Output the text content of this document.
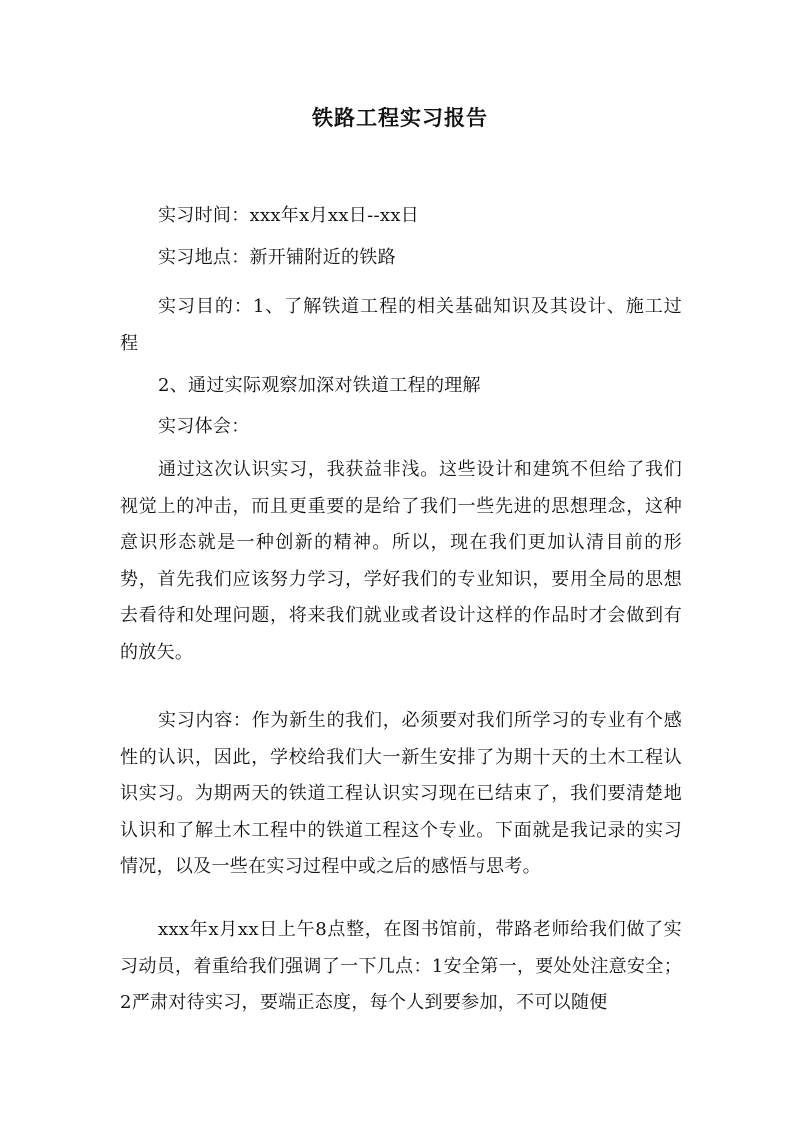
铁路工程实习报告

实习时间：xxx年x月xx日--xx日

实习地点：新开铺附近的铁路

实习目的：1、了解铁道工程的相关基础知识及其设计、施工过程

2、通过实际观察加深对铁道工程的理解

实习体会：

通过这次认识实习，我获益非浅。这些设计和建筑不但给了我们视觉上的冲击，而且更重要的是给了我们一些先进的思想理念，这种意识形态就是一种创新的精神。所以，现在我们更加认清目前的形势，首先我们应该努力学习，学好我们的专业知识，要用全局的思想去看待和处理问题，将来我们就业或者设计这样的作品时才会做到有的放矢。

实习内容：作为新生的我们，必须要对我们所学习的专业有个感性的认识，因此，学校给我们大一新生安排了为期十天的土木工程认识实习。为期两天的铁道工程认识实习现在已结束了，我们要清楚地认识和了解土木工程中的铁道工程这个专业。下面就是我记录的实习情况，以及一些在实习过程中或之后的感悟与思考。

xxx年x月xx日上午8点整，在图书馆前，带路老师给我们做了实习动员，着重给我们强调了一下几点：1安全第一，要处处注意安全；2严肃对待实习，要端正态度，每个人到要参加，不可以随便
